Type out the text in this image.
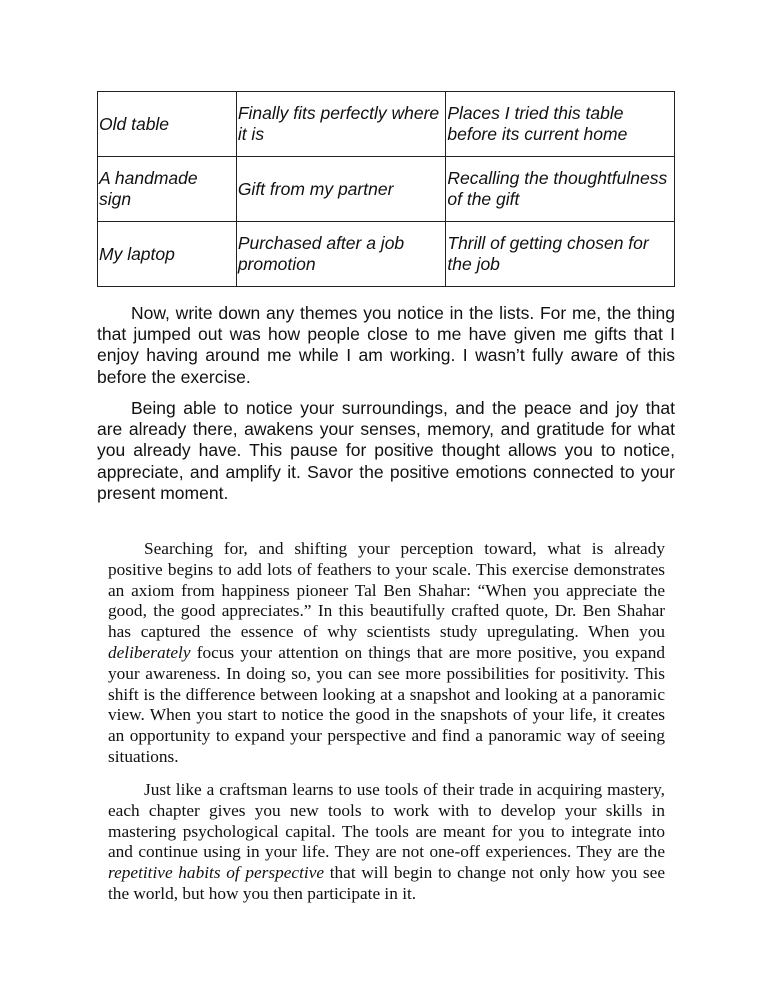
Old table	Finally fits perfectly where it is	Places I tried this table before its current home
A handmade sign	Gift from my partner	Recalling the thoughtfulness of the gift
My laptop	Purchased after a job promotion	Thrill of getting chosen for the job

Now, write down any themes you notice in the lists. For me, the thing that jumped out was how people close to me have given me gifts that I enjoy having around me while I am working. I wasn’t fully aware of this before the exercise.

Being able to notice your surroundings, and the peace and joy that are already there, awakens your senses, memory, and gratitude for what you already have. This pause for positive thought allows you to notice, appreciate, and amplify it. Savor the positive emotions connected to your present moment.

Searching for, and shifting your perception toward, what is already positive begins to add lots of feathers to your scale. This exercise demonstrates an axiom from happiness pioneer Tal Ben Shahar: “When you appreciate the good, the good appreciates.” In this beautifully crafted quote, Dr. Ben Shahar has captured the essence of why scientists study upregulating. When you deliberately focus your attention on things that are more positive, you expand your awareness. In doing so, you can see more possibilities for positivity. This shift is the difference between looking at a snapshot and looking at a panoramic view. When you start to notice the good in the snapshots of your life, it creates an opportunity to expand your perspective and find a panoramic way of seeing situations.

Just like a craftsman learns to use tools of their trade in acquiring mastery, each chapter gives you new tools to work with to develop your skills in mastering psychological capital. The tools are meant for you to integrate into and continue using in your life. They are not one-off experiences. They are the repetitive habits of perspective that will begin to change not only how you see the world, but how you then participate in it.
